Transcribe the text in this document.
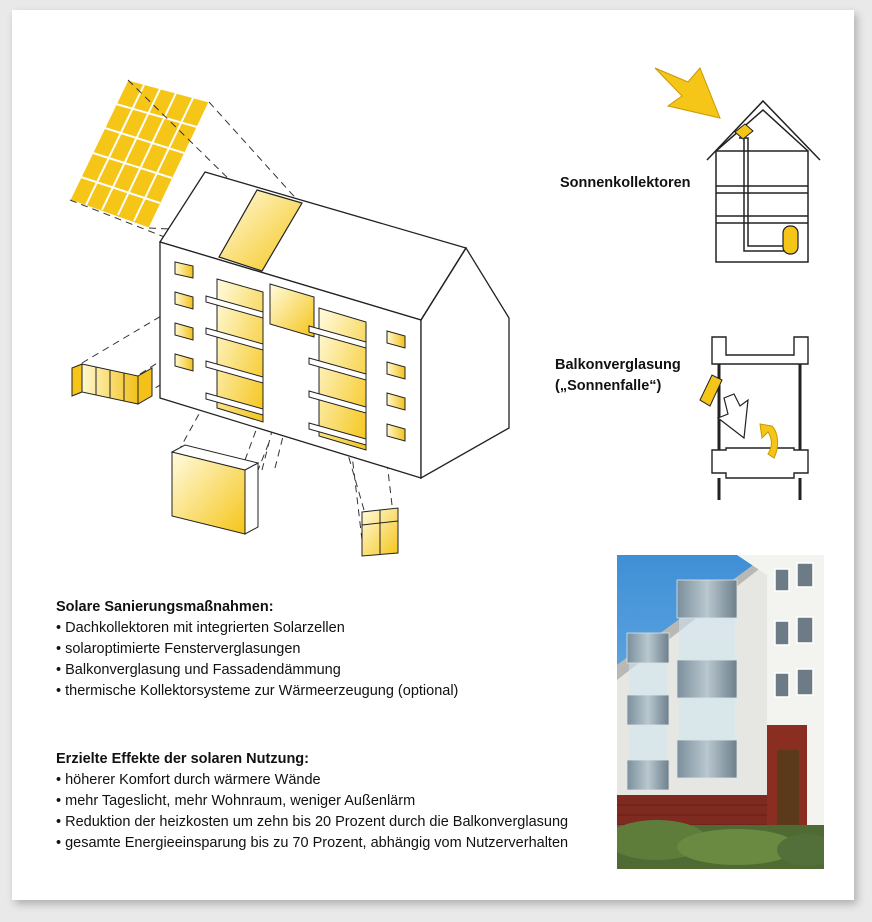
Sonnenkollektoren
Balkonverglasung
(„Sonnenfalle“)
Solare Sanierungsmaßnahmen:
• Dachkollektoren mit integrierten Solarzellen
• solaroptimierte Fensterverglasungen
• Balkonverglasung und Fassadendämmung
• thermische Kollektorsysteme zur Wärmeerzeugung (optional)
Erzielte Effekte der solaren Nutzung:
• höherer Komfort durch wärmere Wände
• mehr Tageslicht, mehr Wohnraum, weniger Außenlärm
• Reduktion der heizkosten um zehn bis 20 Prozent durch die Balkonverglasung
• gesamte Energieeinsparung bis zu 70 Prozent, abhängig vom Nutzerverhalten
